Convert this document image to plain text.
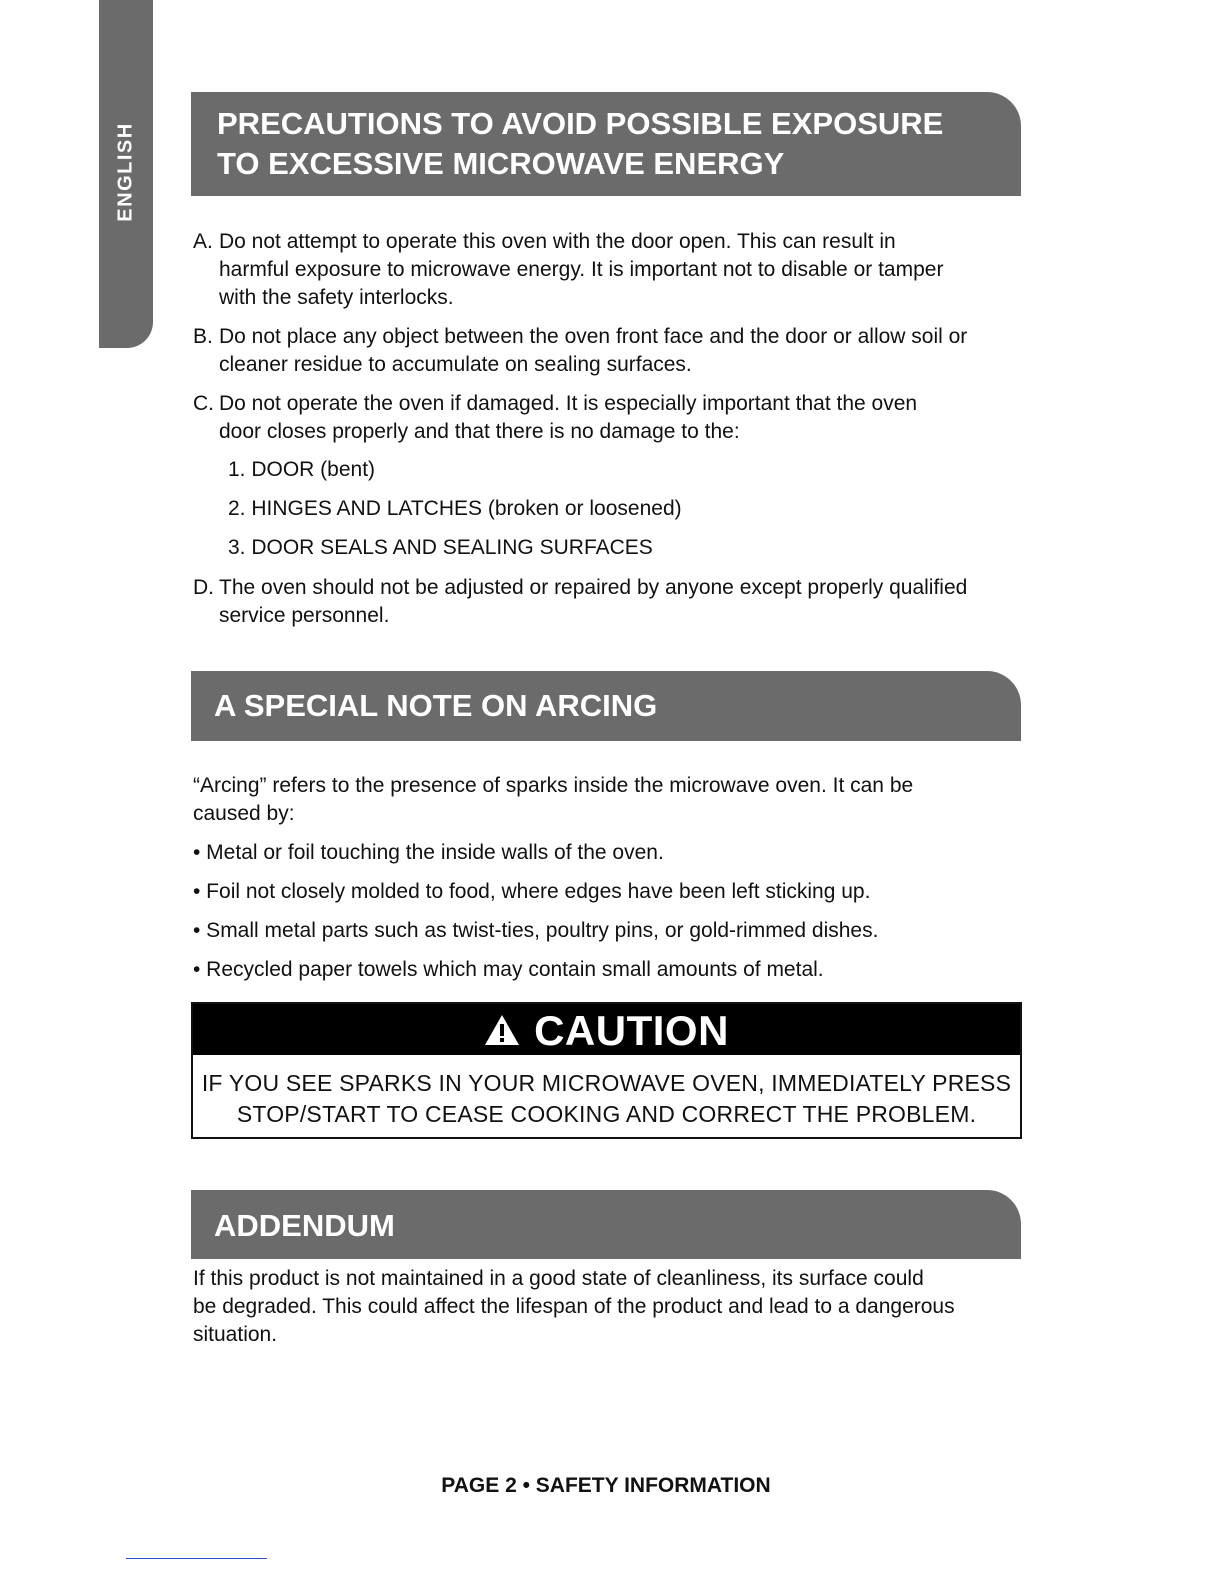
ENGLISH	PRECAUTIONS TO AVOID POSSIBLE EXPOSURE
TO EXCESSIVE MICROWAVE ENERGY
A. Do not attempt to operate this oven with the door open. This can result in
harmful exposure to microwave energy. It is important not to disable or tamper
with the safety interlocks.
B. Do not place any object between the oven front face and the door or allow soil or
cleaner residue to accumulate on sealing surfaces.
C. Do not operate the oven if damaged. It is especially important that the oven
door closes properly and that there is no damage to the:
1. DOOR (bent)
2. HINGES AND LATCHES (broken or loosened)
3. DOOR SEALS AND SEALING SURFACES
D. The oven should not be adjusted or repaired by anyone except properly qualified
service personnel.
A SPECIAL NOTE ON ARCING
“Arcing” refers to the presence of sparks inside the microwave oven. It can be
caused by:
• Metal or foil touching the inside walls of the oven.
• Foil not closely molded to food, where edges have been left sticking up.
• Small metal parts such as twist-ties, poultry pins, or gold-rimmed dishes.
• Recycled paper towels which may contain small amounts of metal.
CAUTION
IF YOU SEE SPARKS IN YOUR MICROWAVE OVEN, IMMEDIATELY PRESS
STOP/START TO CEASE COOKING AND CORRECT THE PROBLEM.
ADDENDUM
If this product is not maintained in a good state of cleanliness, its surface could
be degraded. This could affect the lifespan of the product and lead to a dangerous
situation.
PAGE 2 • SAFETY INFORMATION
